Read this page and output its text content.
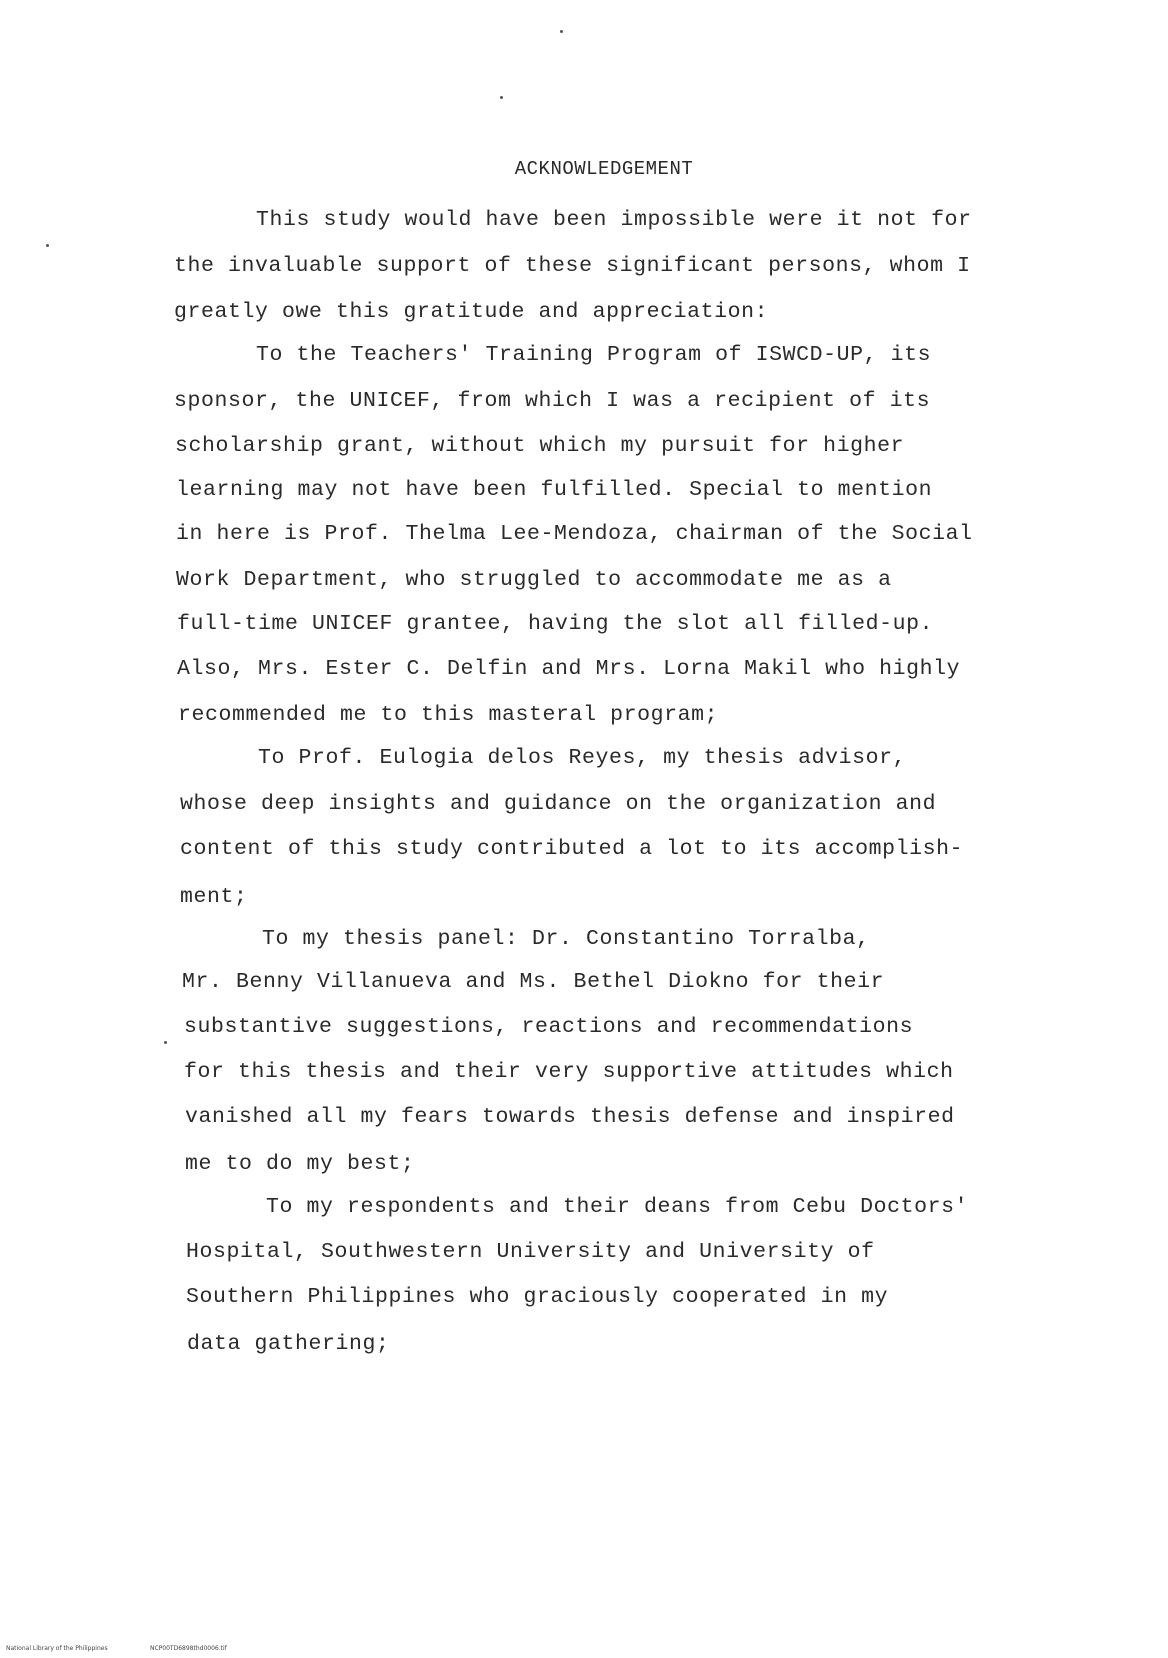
ACKNOWLEDGEMENT
This study would have been impossible were it not for
the invaluable support of these significant persons, whom I
greatly owe this gratitude and appreciation:
To the Teachers' Training Program of ISWCD-UP, its
sponsor, the UNICEF, from which I was a recipient of its
scholarship grant, without which my pursuit for higher
learning may not have been fulfilled. Special to mention
in here is Prof. Thelma Lee-Mendoza, chairman of the Social
Work Department, who struggled to accommodate me as a
full-time UNICEF grantee, having the slot all filled-up.
Also, Mrs. Ester C. Delfin and Mrs. Lorna Makil who highly
recommended me to this masteral program;
To Prof. Eulogia delos Reyes, my thesis advisor,
whose deep insights and guidance on the organization and
content of this study contributed a lot to its accomplish-
ment;
To my thesis panel: Dr. Constantino Torralba,
Mr. Benny Villanueva and Ms. Bethel Diokno for their
substantive suggestions, reactions and recommendations
for this thesis and their very supportive attitudes which
vanished all my fears towards thesis defense and inspired
me to do my best;
To my respondents and their deans from Cebu Doctors'
Hospital, Southwestern University and University of
Southern Philippines who graciously cooperated in my
data gathering;
National Library of the Philippines	NCP00TD6898thd0006.tif
